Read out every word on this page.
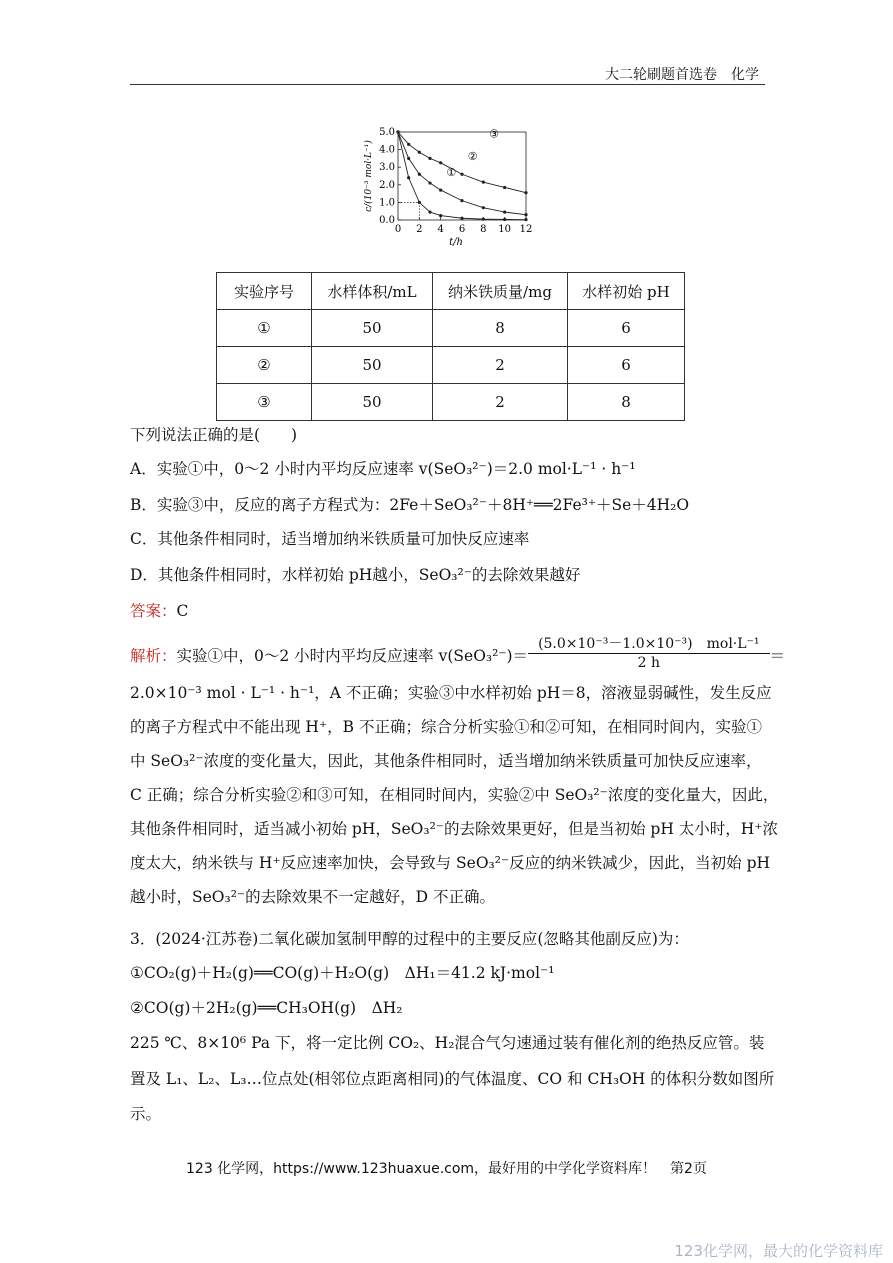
大二轮刷题首选卷　化学
0 2 4 6 8 10 12
0.0
1.0
2.0
3.0
4.0
5.0
t/h
c/(10⁻³ mol·L⁻¹)	①
②
③
实验序号	水样体积/mL	纳米铁质量/mg	水样初始 pH
①	50	8	6
②	50	2	6
③	50	2	8
下列说法正确的是(　　)
A．实验①中，0～2 小时内平均反应速率 v(SeO₃²⁻)＝2.0 mol·L⁻¹ · h⁻¹
B．实验③中，反应的离子方程式为：2Fe＋SeO₃²⁻＋8H⁺══2Fe³⁺＋Se＋4H₂O
C．其他条件相同时，适当增加纳米铁质量可加快反应速率
D．其他条件相同时，水样初始 pH越小，SeO₃²⁻的去除效果越好
答案：C
解析：实验①中，0～2 小时内平均反应速率 $v(SeO_3^{2-})= \frac{\text{(5.0×10⁻³－1.0×10⁻³)　mol·L⁻¹}}{2 h}$ ＝
2.0×10⁻³ mol · L⁻¹ · h⁻¹，A 不正确；实验③中水样初始 pH＝8，溶液显弱碱性，发生反应
的离子方程式中不能出现 H⁺，B 不正确；综合分析实验①和②可知，在相同时间内，实验①
中 SeO₃²⁻浓度的变化量大，因此，其他条件相同时，适当增加纳米铁质量可加快反应速率，
C 正确；综合分析实验②和③可知，在相同时间内，实验②中 SeO₃²⁻浓度的变化量大，因此，
其他条件相同时，适当减小初始 pH，SeO₃²⁻的去除效果更好，但是当初始 pH 太小时，H⁺浓
度太大，纳米铁与 H⁺反应速率加快，会导致与 SeO₃²⁻反应的纳米铁减少，因此，当初始 pH
越小时，SeO₃²⁻的去除效果不一定越好，D 不正确。
3．(2024·江苏卷)二氧化碳加氢制甲醇的过程中的主要反应(忽略其他副反应)为：
①CO₂(g)＋H₂(g)══CO(g)＋H₂O(g)　ΔH₁＝41.2 kJ·mol⁻¹
②CO(g)＋2H₂(g)══CH₃OH(g)　ΔH₂
225 ℃、8×10⁶ Pa 下，将一定比例 CO₂、H₂混合气匀速通过装有催化剂的绝热反应管。装
置及 L₁、L₂、L₃…位点处(相邻位点距离相同)的气体温度、CO 和 CH₃OH 的体积分数如图所
示。
123 化学网，https://www.123huaxue.com，最好用的中学化学资料库！　第2页
123化学网，最大的化学资料库
